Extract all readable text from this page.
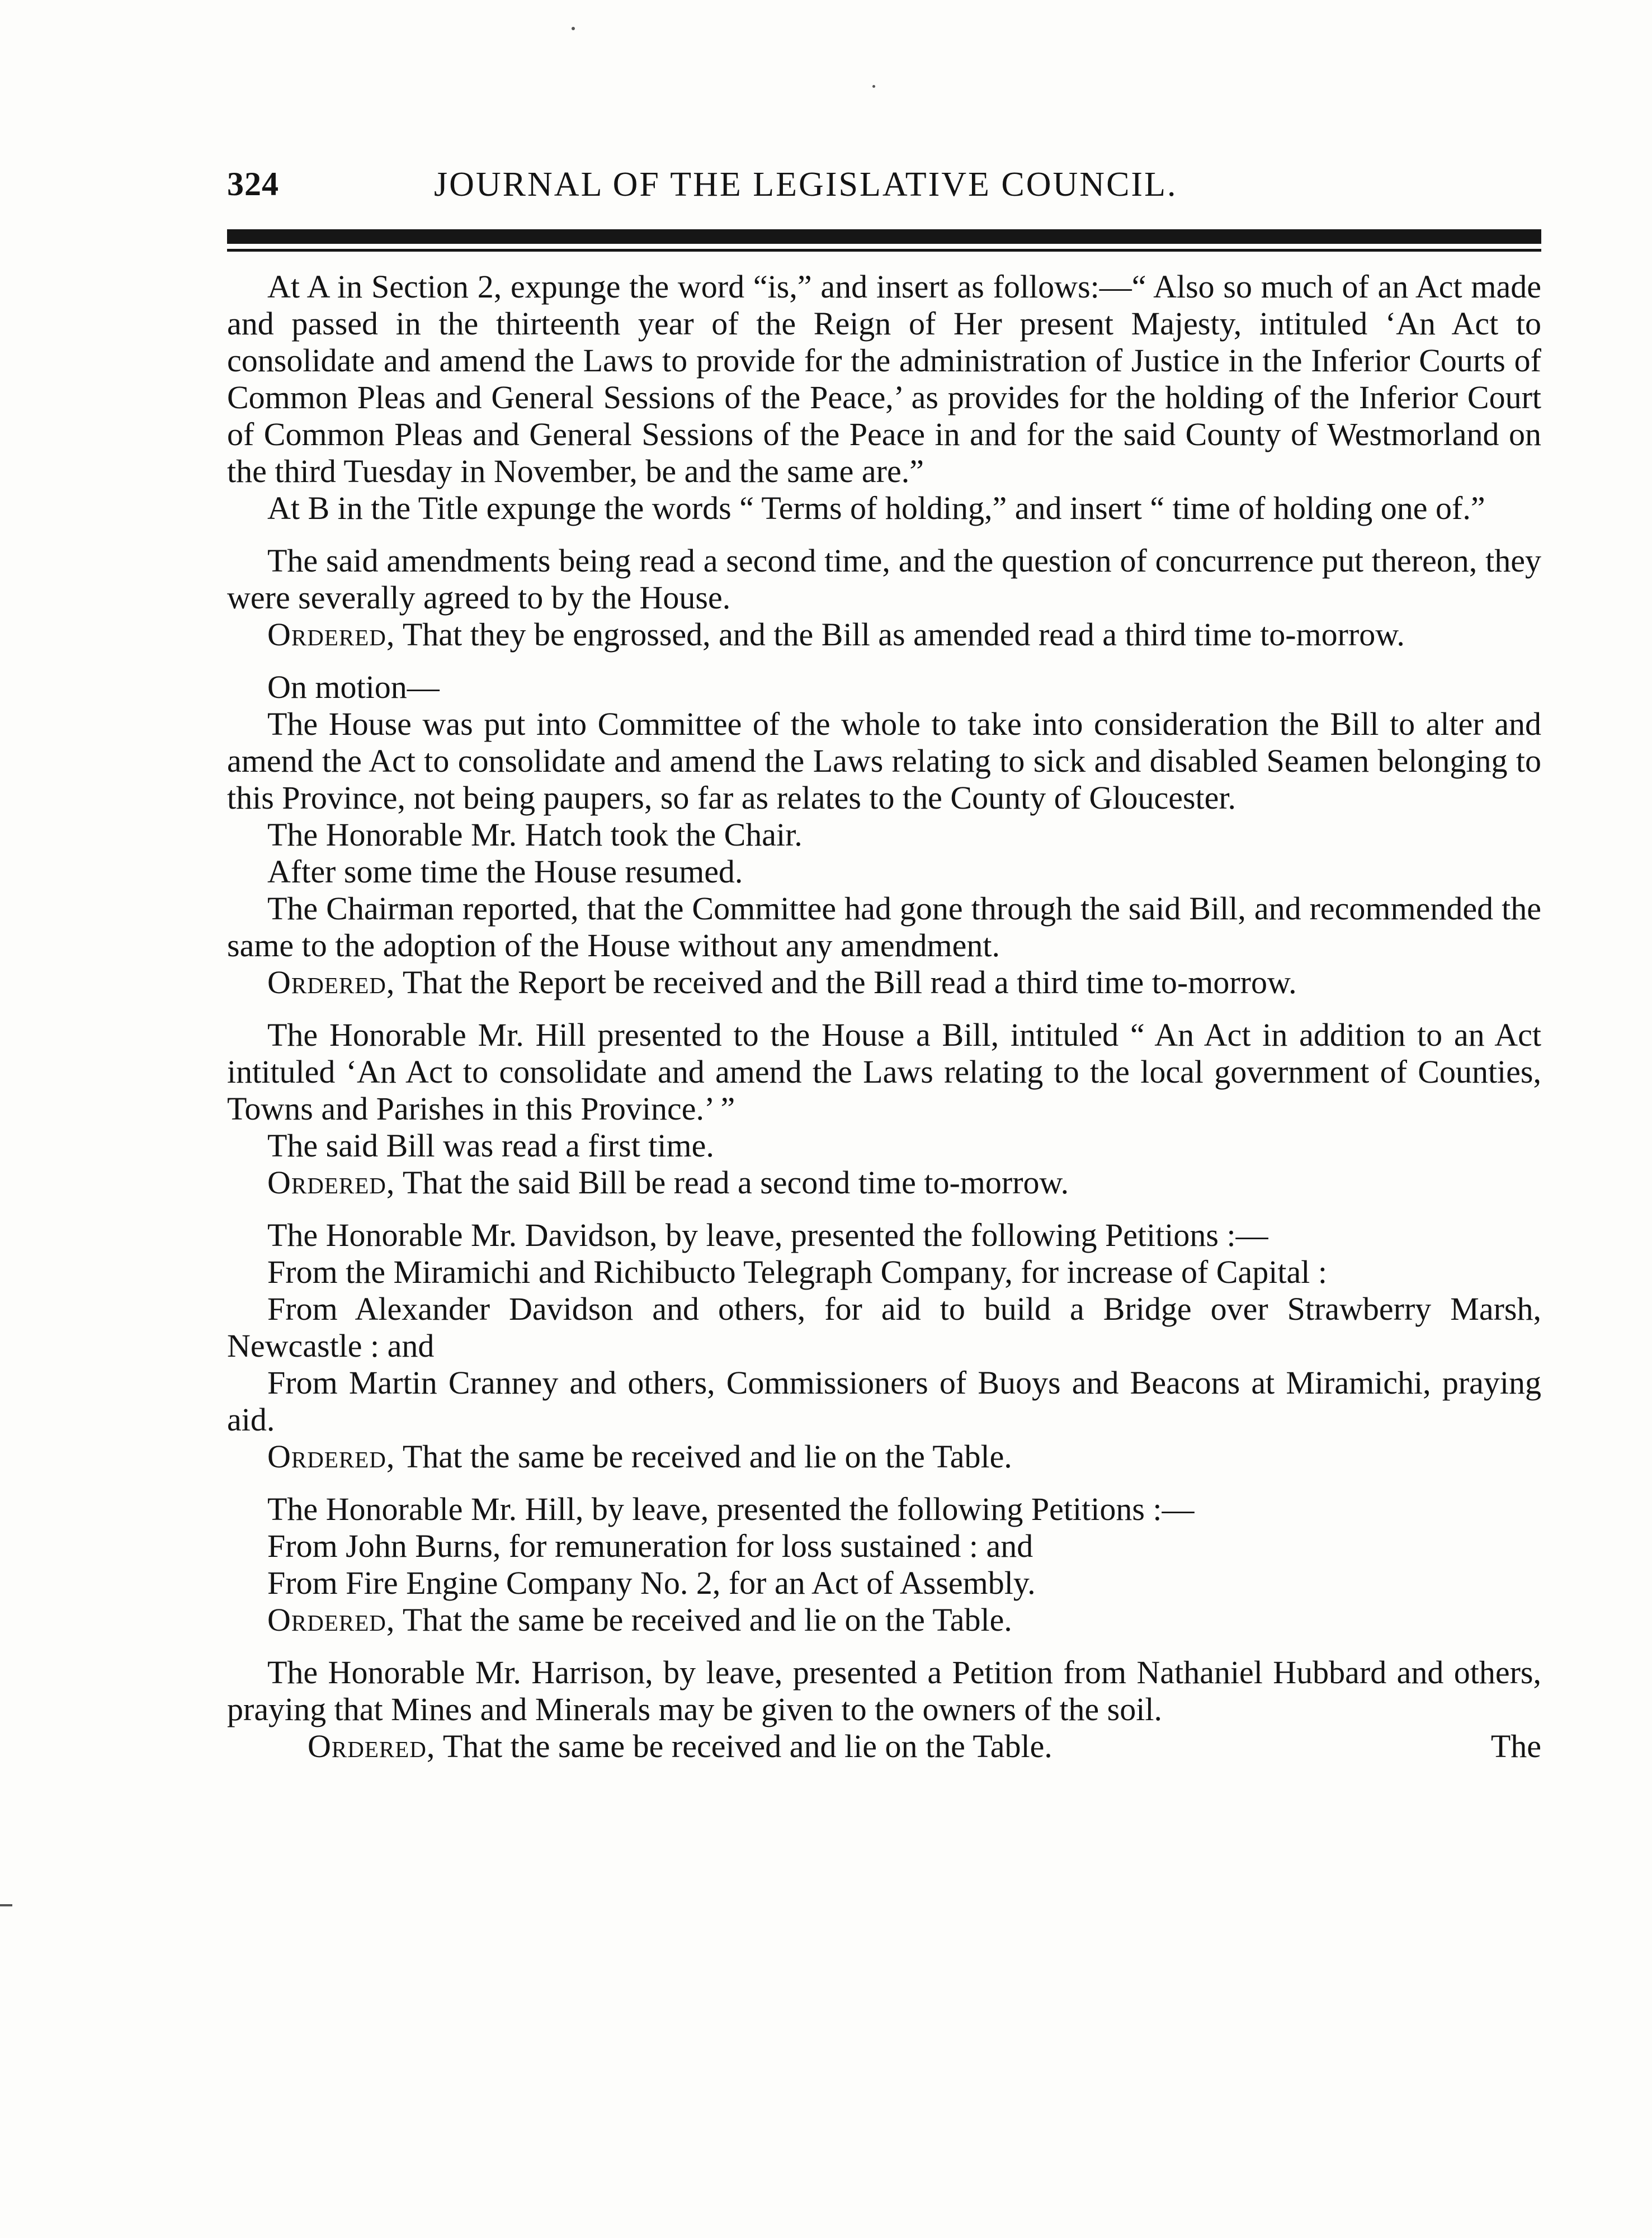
324	JOURNAL OF THE LEGISLATIVE COUNCIL.

At A in Section 2, expunge the word “is,” and insert as follows:—“ Also so much of an Act made and passed in the thirteenth year of the Reign of Her present Majesty, intituled ‘An Act to consolidate and amend the Laws to provide for the administration of Justice in the Inferior Courts of Common Pleas and General Sessions of the Peace,’ as provides for the holding of the Inferior Court of Common Pleas and General Sessions of the Peace in and for the said County of Westmorland on the third Tuesday in November, be and the same are.”

At B in the Title expunge the words “ Terms of holding,” and insert “ time of holding one of.”

The said amendments being read a second time, and the question of concurrence put thereon, they were severally agreed to by the House.

Ordered, That they be engrossed, and the Bill as amended read a third time to-morrow.

On motion—

The House was put into Committee of the whole to take into consideration the Bill to alter and amend the Act to consolidate and amend the Laws relating to sick and disabled Seamen belonging to this Province, not being paupers, so far as relates to the County of Gloucester.

The Honorable Mr. Hatch took the Chair.

After some time the House resumed.

The Chairman reported, that the Committee had gone through the said Bill, and recommended the same to the adoption of the House without any amendment.

Ordered, That the Report be received and the Bill read a third time to-morrow.

The Honorable Mr. Hill presented to the House a Bill, intituled “ An Act in addition to an Act intituled ‘An Act to consolidate and amend the Laws relating to the local government of Counties, Towns and Parishes in this Province.’ ”

The said Bill was read a first time.

Ordered, That the said Bill be read a second time to-morrow.

The Honorable Mr. Davidson, by leave, presented the following Petitions :—

From the Miramichi and Richibucto Telegraph Company, for increase of Capital :

From Alexander Davidson and others, for aid to build a Bridge over Strawberry Marsh, Newcastle : and

From Martin Cranney and others, Commissioners of Buoys and Beacons at Miramichi, praying aid.

Ordered, That the same be received and lie on the Table.

The Honorable Mr. Hill, by leave, presented the following Petitions :—

From John Burns, for remuneration for loss sustained : and

From Fire Engine Company No. 2, for an Act of Assembly.

Ordered, That the same be received and lie on the Table.

The Honorable Mr. Harrison, by leave, presented a Petition from Nathaniel Hubbard and others, praying that Mines and Minerals may be given to the owners of the soil.

Ordered, That the same be received and lie on the Table.	The
